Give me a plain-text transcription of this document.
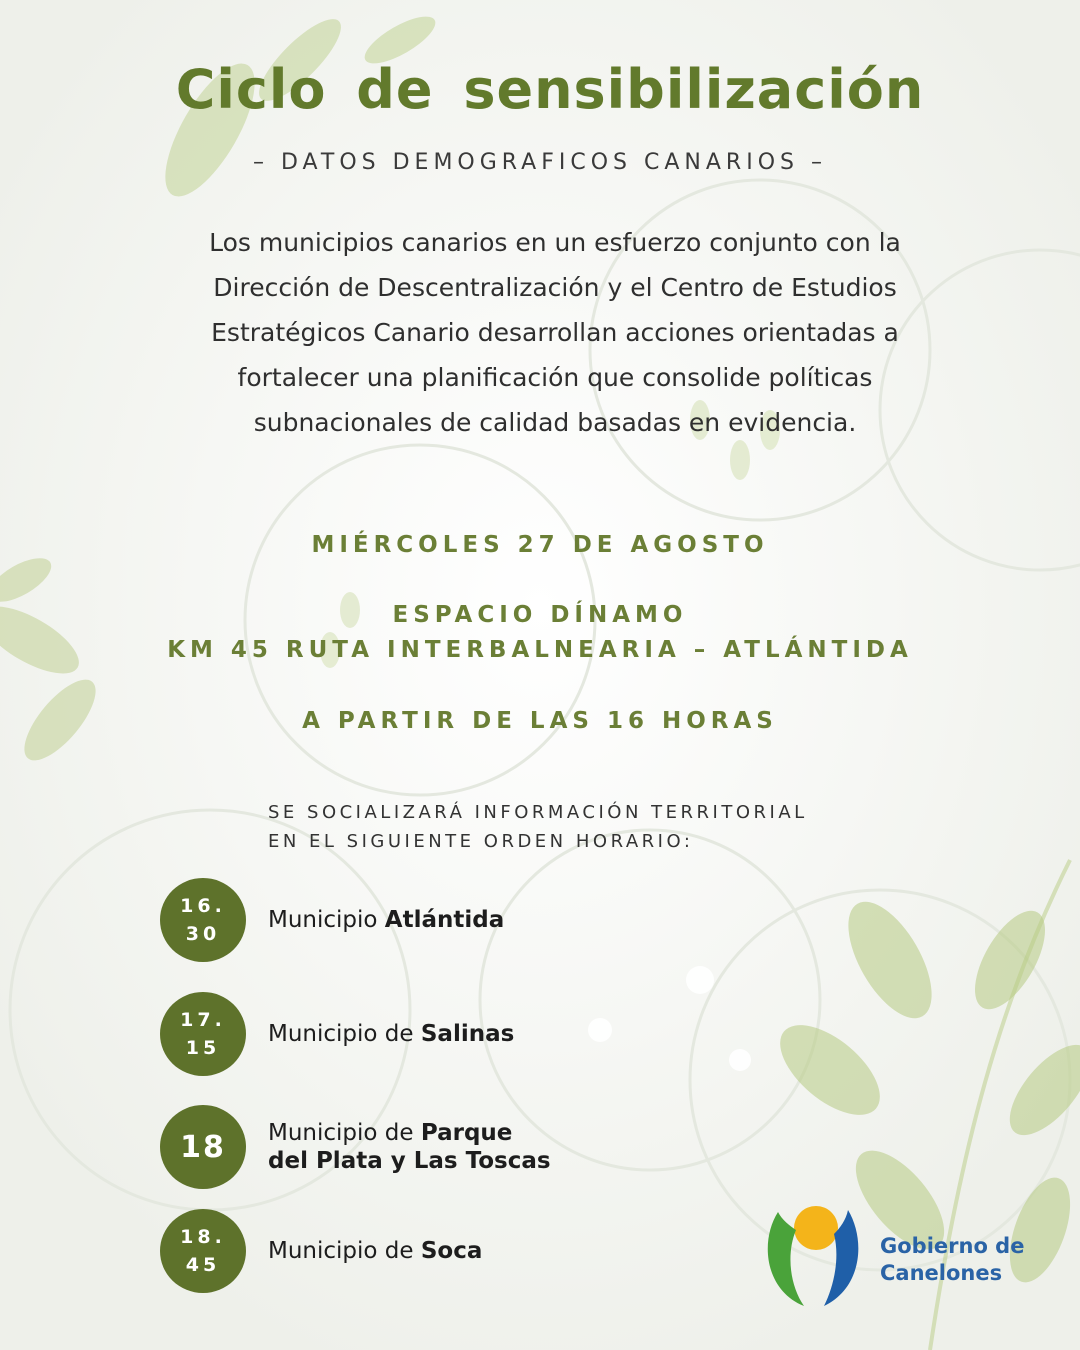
Ciclo de sensibilización
– DATOS DEMOGRAFICOS CANARIOS –
Los municipios canarios en un esfuerzo conjunto con la Dirección de Descentralización y el Centro de Estudios Estratégicos Canario desarrollan acciones orientadas a fortalecer una planificación que consolide políticas subnacionales de calidad basadas en evidencia.
MIÉRCOLES 27 DE AGOSTO
ESPACIO DÍNAMO
KM 45 RUTA INTERBALNEARIA – ATLÁNTIDA
A PARTIR DE LAS 16 HORAS
SE SOCIALIZARÁ INFORMACIÓN TERRITORIAL
EN EL SIGUIENTE ORDEN HORARIO:
16.
30
Municipio Atlántida
17.
15
Municipio de Salinas
18 Municipio de Parque
del Plata y Las Toscas
18.
45
Municipio de Soca	Gobierno de
Canelones
